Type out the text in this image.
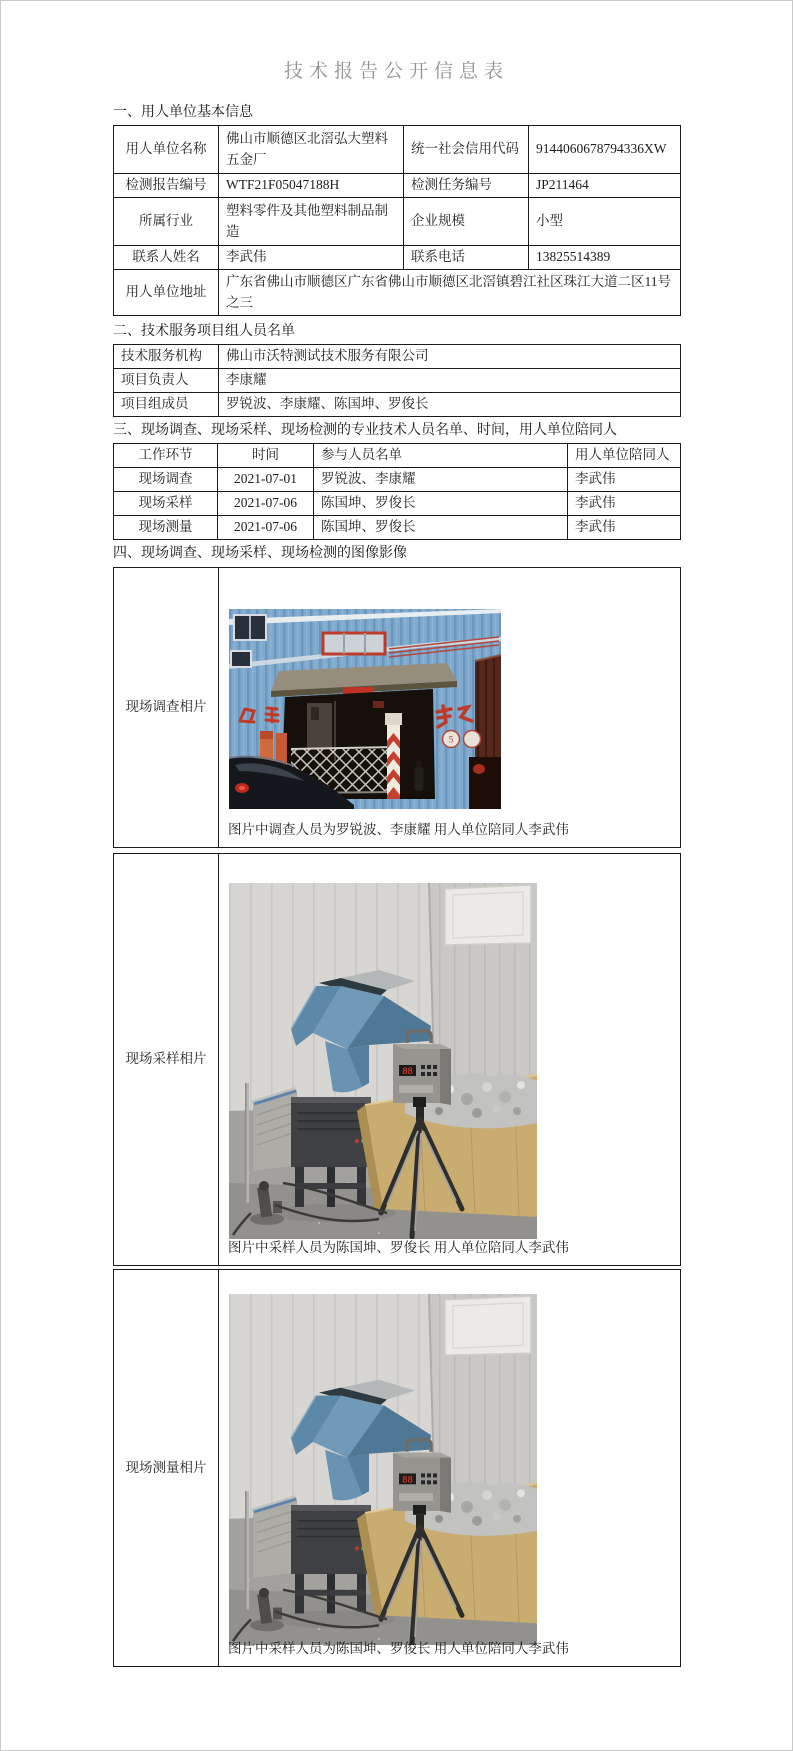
技术报告公开信息表
一、用人单位基本信息
用人单位名称	佛山市顺德区北滘弘大塑料五金厂	统一社会信用代码	9144060678794336XW
检测报告编号	WTF21F05047188H	检测任务编号	JP211464
所属行业	塑料零件及其他塑料制品制造	企业规模	小型
联系人姓名	李武伟	联系电话	13825514389
用人单位地址	广东省佛山市顺德区广东省佛山市顺德区北滘镇碧江社区珠江大道二区11号之三		
二、技术服务项目组人员名单
技术服务机构	佛山市沃特测试技术服务有限公司
项目负责人	李康耀
项目组成员	罗锐波、李康耀、陈国坤、罗俊长
三、现场调查、现场采样、现场检测的专业技术人员名单、时间，用人单位陪同人
工作环节	时间	参与人员名单	用人单位陪同人
现场调查	2021-07-01	罗锐波、李康耀	李武伟
现场采样	2021-07-06	陈国坤、罗俊长	李武伟
现场测量	2021-07-06	陈国坤、罗俊长	李武伟
四、现场调查、现场采样、现场检测的图像影像
现场调查相片	
图片中调查人员为罗锐波、李康耀 用人单位陪同人李武伟
现场采样相片	
图片中采样人员为陈国坤、罗俊长 用人单位陪同人李武伟
现场测量相片	
图片中采样人员为陈国坤、罗俊长 用人单位陪同人李武伟
